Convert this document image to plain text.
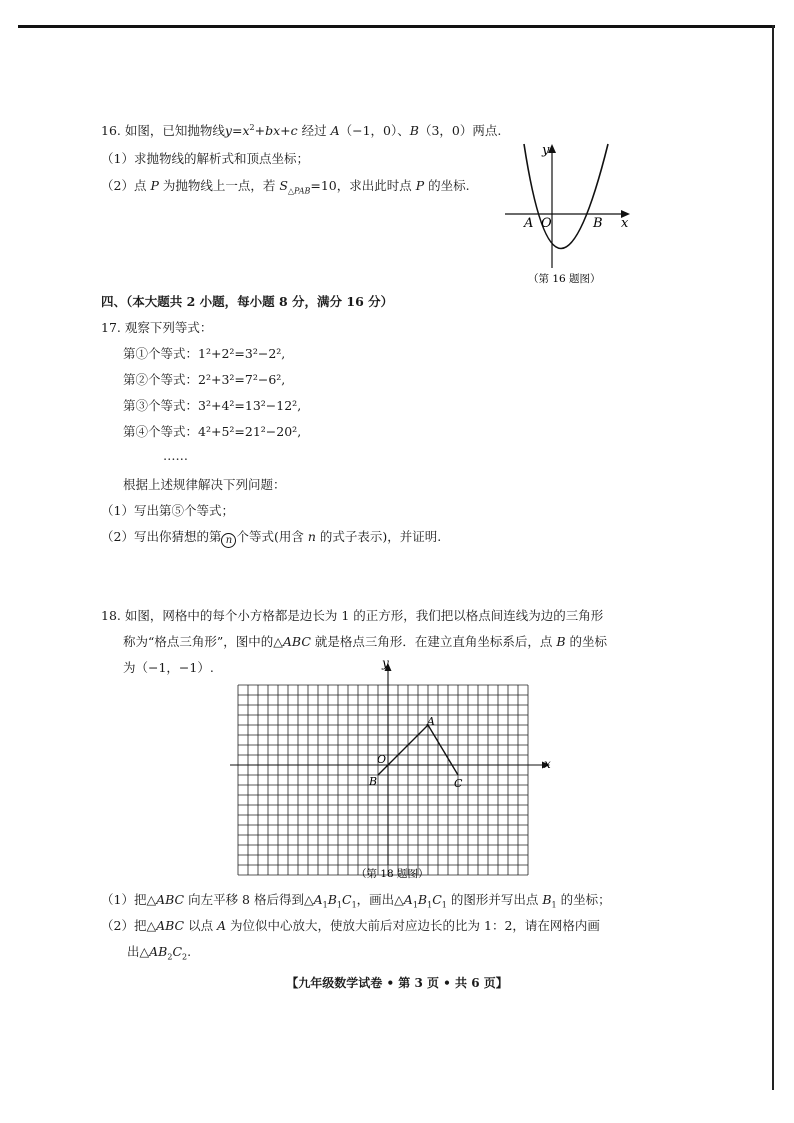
16. 如图，已知抛物线$y=x^2+bx+c$ 经过 A（−1，0）、B（3，0）两点.
（1）求抛物线的解析式和顶点坐标；
（2）点 P 为抛物线上一点，若 $S_{\triangle PAB}=10$，求出此时点 P 的坐标.
y
x
A O	B
（第 16 题图）
四、（本大题共 2 小题，每小题 8 分，满分 16 分）
17. 观察下列等式：
第①个等式：1²+2²=3²−2²,
第②个等式：2²+3²=7²−6²,
第③个等式：3²+4²=13²−12²,
第④个等式：4²+5²=21²−20²,
……
根据上述规律解决下列问题：
（1）写出第⑤个等式；
（2）写出你猜想的第 n 个等式(用含 n 的式子表示)，并证明.
18. 如图，网格中的每个小方格都是边长为 1 的正方形，我们把以格点间连线为边的三角形
称为“格点三角形”，图中的△ABC 就是格点三角形．在建立直角坐标系后，点 B 的坐标
为（−1，−1）.	y
x
A
O
B	C
（第 18 题图）
（1）把△ABC 向左平移 8 格后得到$\triangle A_1B_1C_1$，画出$\triangle A_1B_1C_1$ 的图形并写出点 $B_1$ 的坐标；
（2）把△ABC 以点 A 为位似中心放大，使放大前后对应边长的比为 1：2，请在网格内画
出$\triangle AB_2C_2$.
【九年级数学试卷 • 第 3 页 • 共 6 页】
